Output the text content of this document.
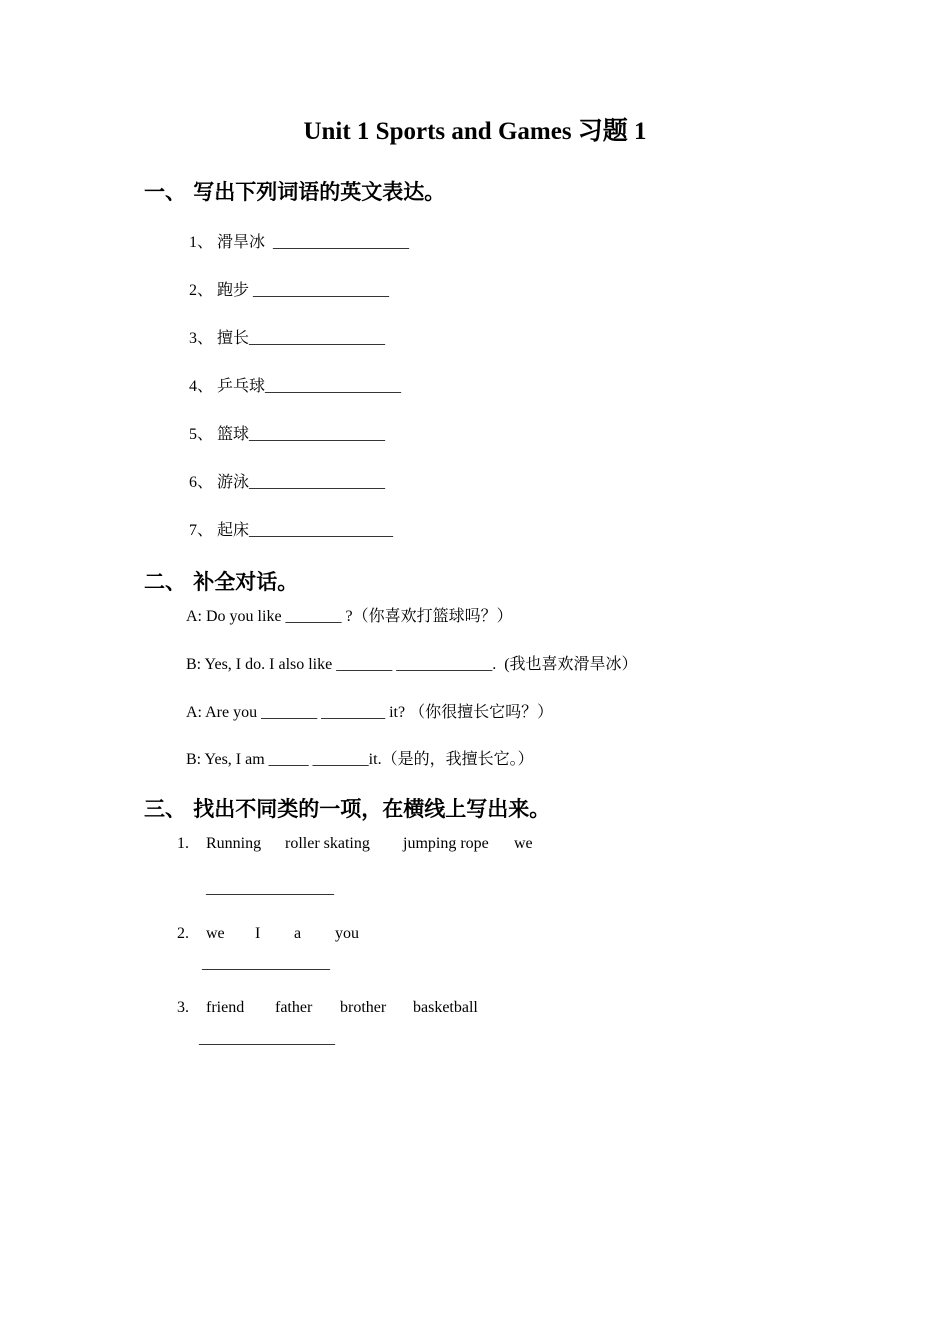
Unit 1 Sports and Games 习题 1
一、 写出下列词语的英文表达。
1、 滑旱冰  _________________
2、 跑步 _________________
3、 擅长_________________
4、 乒乓球_________________
5、 篮球_________________
6、 游泳_________________
7、 起床__________________
二、 补全对话。
A: Do you like _______ ?（你喜欢打篮球吗？）
B: Yes, I do. I also like _______ ____________.  (我也喜欢滑旱冰）
A: Are you _______ ________ it? （你很擅长它吗？）
B: Yes, I am _____ _______it.（是的，我擅长它。）
三、 找出不同类的一项，在横线上写出来。
1. Running roller skating jumping rope we
________________
2. we I a you
________________
3. friend father brother basketball
_________________
